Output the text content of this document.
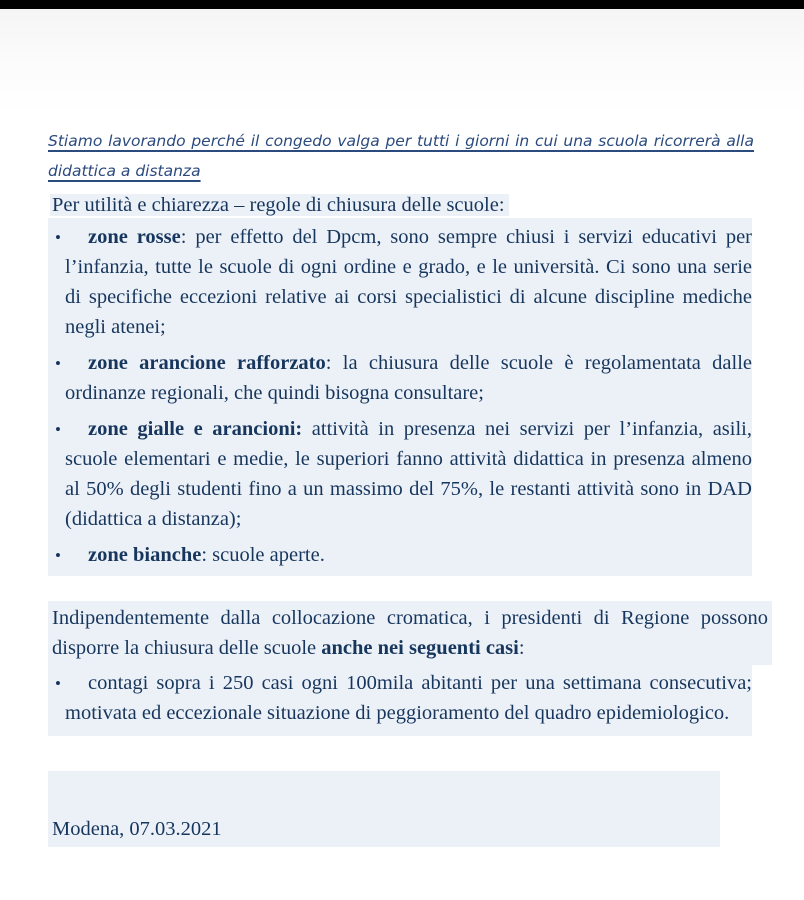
Stiamo lavorando perché il congedo valga per tutti i giorni in cui una scuola ricorrerà alla didattica a distanza

Per utilità e chiarezza – regole di chiusura delle scuole:

• zone rosse: per effetto del Dpcm, sono sempre chiusi i servizi educativi per l’infanzia, tutte le scuole di ogni ordine e grado, e le università. Ci sono una serie di specifiche eccezioni relative ai corsi specialistici di alcune discipline mediche negli atenei;
• zone arancione rafforzato: la chiusura delle scuole è regolamentata dalle ordinanze regionali, che quindi bisogna consultare;
• zone gialle e arancioni: attività in presenza nei servizi per l’infanzia, asili, scuole elementari e medie, le superiori fanno attività didattica in presenza almeno al 50% degli studenti fino a un massimo del 75%, le restanti attività sono in DAD (didattica a distanza);
• zone bianche: scuole aperte.
Indipendentemente dalla collocazione cromatica, i presidenti di Regione possono disporre la chiusura delle scuole anche nei seguenti casi:
• contagi sopra i 250 casi ogni 100mila abitanti per una settimana consecutiva; motivata ed eccezionale situazione di peggioramento del quadro epidemiologico.

Modena, 07.03.2021
